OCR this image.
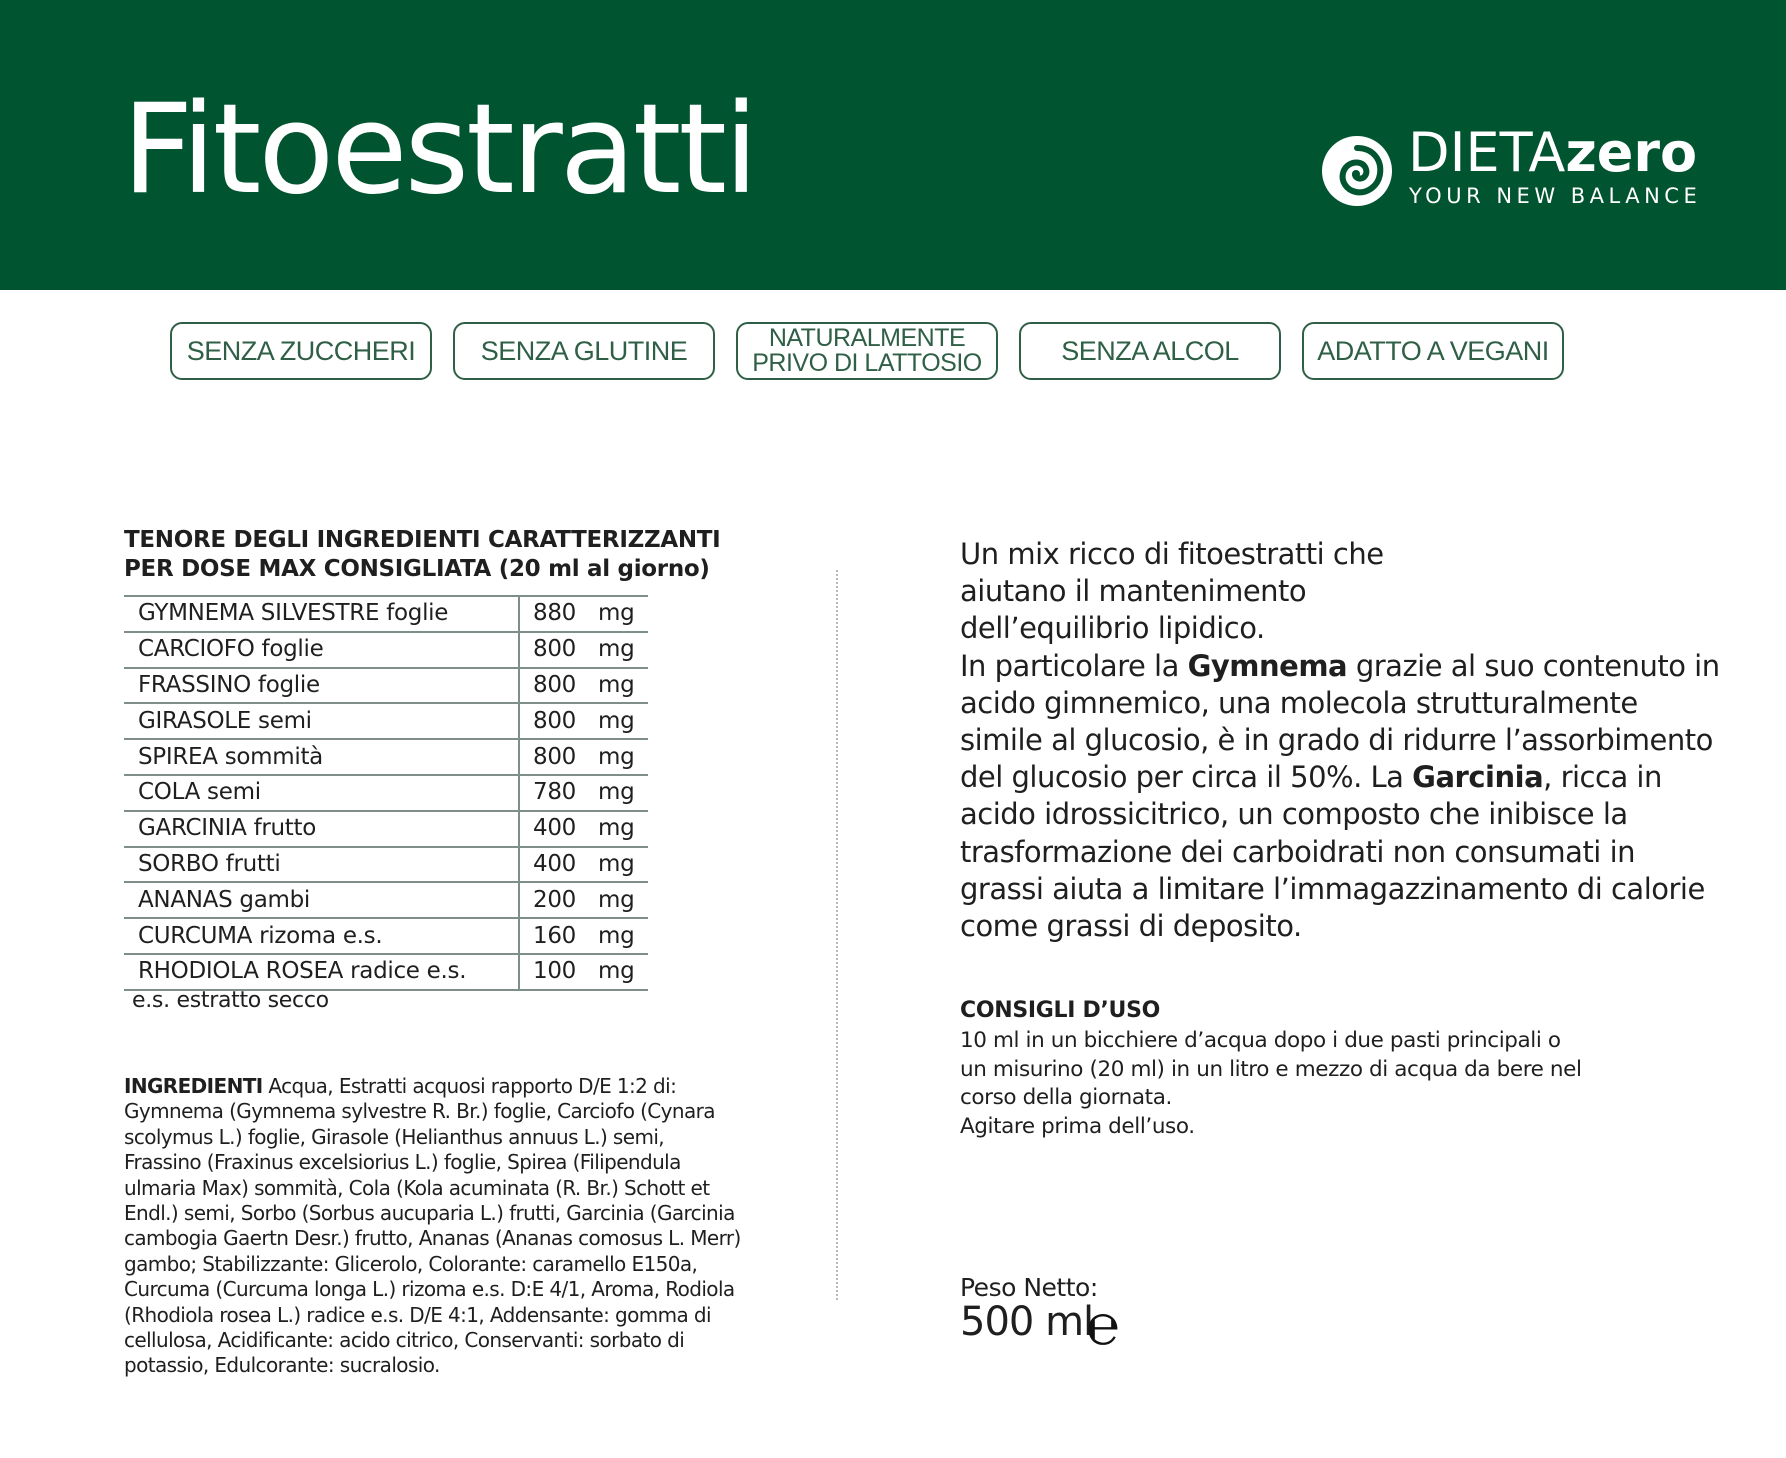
Fitoestratti	DIETAzero
YOUR NEW BALANCE
SENZA ZUCCHERI SENZA GLUTINE	NATURALMENTE
PRIVO DI LATTOSIO	SENZA ALCOL	ADATTO A VEGANI
TENORE DEGLI INGREDIENTI CARATTERIZZANTI
PER DOSE MAX CONSIGLIATA (20 ml al giorno)
GYMNEMA SILVESTRE foglie	880	mg
CARCIOFO foglie	800	mg
FRASSINO foglie	800	mg
GIRASOLE semi	800	mg
SPIREA sommità	800	mg
COLA semi	780	mg
GARCINIA frutto	400	mg
SORBO frutti	400	mg
ANANAS gambi	200	mg
CURCUMA rizoma e.s.	160	mg
RHODIOLA ROSEA radice e.s.	100	mg
e.s. estratto secco
INGREDIENTI Acqua, Estratti acquosi rapporto D/E 1:2 di: Gymnema (Gymnema sylvestre R. Br.) foglie, Carciofo (Cynara scolymus L.) foglie, Girasole (Helianthus annuus L.) semi, Frassino (Fraxinus excelsiorius L.) foglie, Spirea (Filipendula ulmaria Max) sommità, Cola (Kola acuminata (R. Br.) Schott et Endl.) semi, Sorbo (Sorbus aucuparia L.) frutti, Garcinia (Garcinia cambogia Gaertn Desr.) frutto, Ananas (Ananas comosus L. Merr) gambo; Stabilizzante: Glicerolo, Colorante: caramello E150a, Curcuma (Curcuma longa L.) rizoma e.s. D:E 4/1, Aroma, Rodiola (Rhodiola rosea L.) radice e.s. D/E 4:1, Addensante: gomma di cellulosa, Acidificante: acido citrico, Conservanti: sorbato di potassio, Edulcorante: sucralosio.
Un mix ricco di fitoestratti che aiutano il mantenimento dell’equilibrio lipidico.
In particolare la Gymnema grazie al suo contenuto in acido gimnemico, una molecola strutturalmente simile al glucosio, è in grado di ridurre l’assorbimento del glucosio per circa il 50%. La Garcinia, ricca in acido idrossicitrico, un composto che inibisce la trasformazione dei carboidrati non consumati in grassi aiuta a limitare l’immagazzinamento di calorie come grassi di deposito.
CONSIGLI D’USO
10 ml in un bicchiere d’acqua dopo i due pasti principali o
un misurino (20 ml) in un litro e mezzo di acqua da bere nel
corso della giornata.
Agitare prima dell’uso.
Peso Netto:
500 ml
℮
